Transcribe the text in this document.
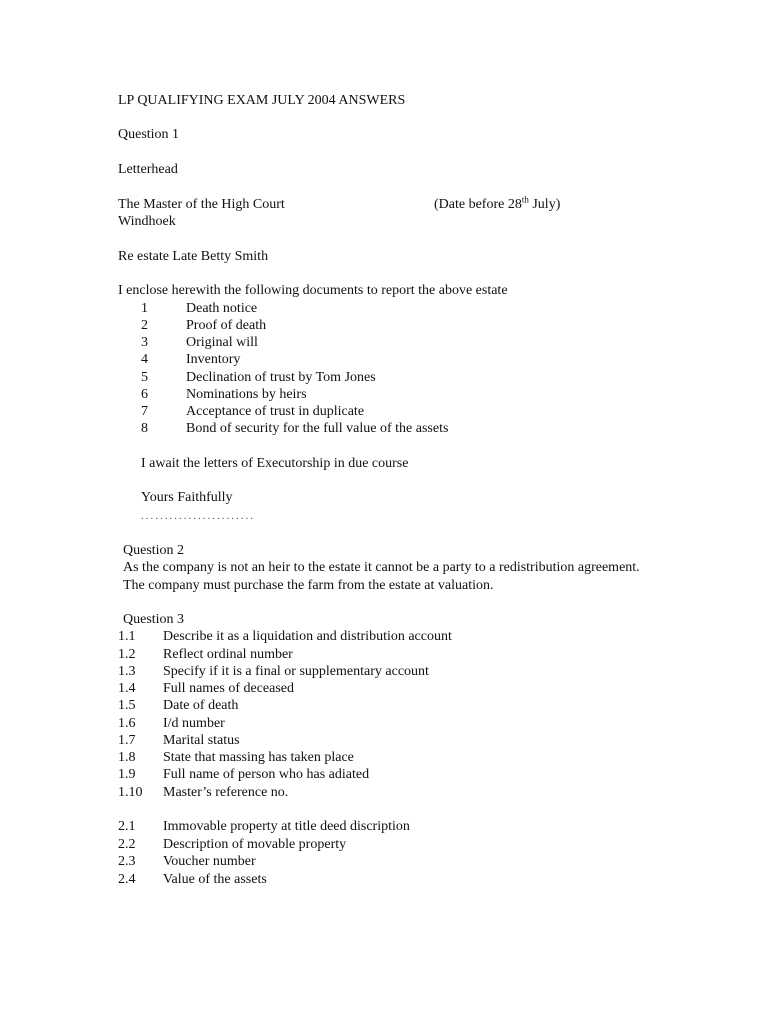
LP QUALIFYING EXAM JULY 2004 ANSWERS
Question 1
Letterhead
The Master of the High Court	(Date before 28th July)
Windhoek
Re estate Late Betty Smith
I enclose herewith the following documents to report the above estate
1	Death notice
2	Proof of death
3	Original will
4	Inventory
5	Declination of trust by Tom Jones
6	Nominations by heirs
7	Acceptance of trust in duplicate
8	Bond of security for the full value of the assets
I await the letters of Executorship in due course
Yours Faithfully
........................
Question 2
As the company is not an heir to the estate it cannot be a party to a redistribution agreement.
The company must purchase the farm from the estate at valuation.
Question 3
1.1 Describe it as a liquidation and distribution account
1.2 Reflect ordinal number
1.3 Specify if it is a final or supplementary account
1.4 Full names of deceased
1.5 Date of death
1.6 I/d number
1.7 Marital status
1.8 State that massing has taken place
1.9 Full name of person who has adiated
1.10 Master’s reference no.
2.1 Immovable property at title deed discription
2.2 Description of movable property
2.3 Voucher number
2.4 Value of the assets
